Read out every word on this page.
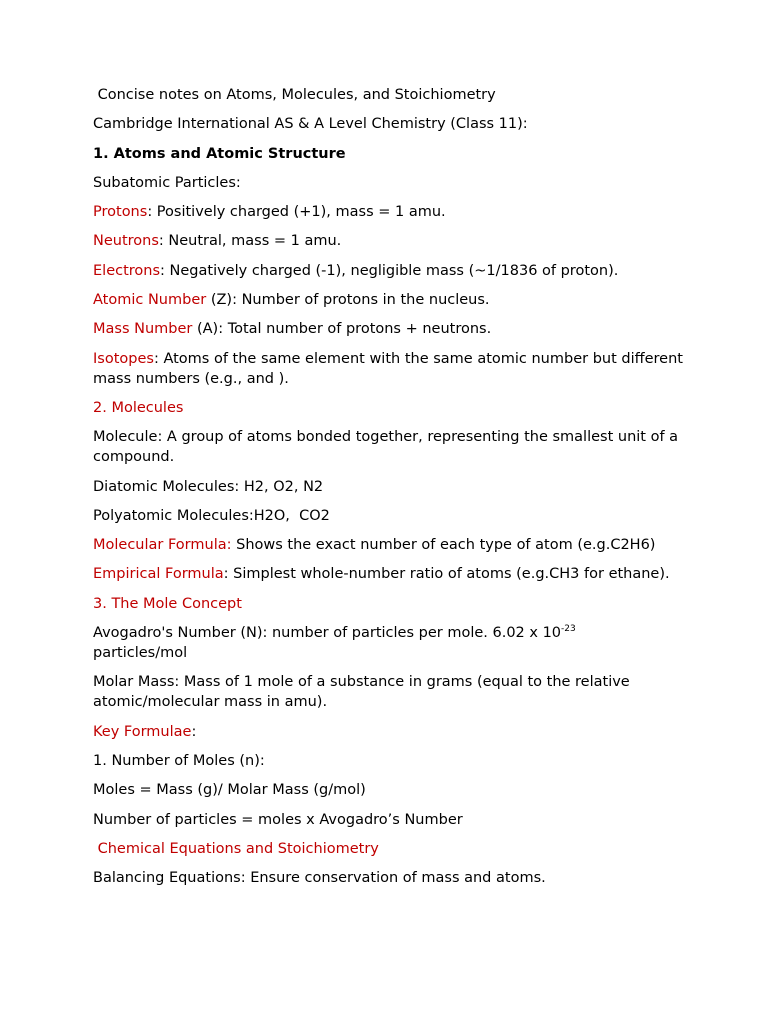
Concise notes on Atoms, Molecules, and Stoichiometry

Cambridge International AS & A Level Chemistry (Class 11):

1. Atoms and Atomic Structure

Subatomic Particles:

Protons: Positively charged (+1), mass = 1 amu.

Neutrons: Neutral, mass = 1 amu.

Electrons: Negatively charged (-1), negligible mass (~1/1836 of proton).

Atomic Number (Z): Number of protons in the nucleus.

Mass Number (A): Total number of protons + neutrons.

Isotopes: Atoms of the same element with the same atomic number but different mass numbers (e.g., and ).

2. Molecules

Molecule: A group of atoms bonded together, representing the smallest unit of a compound.

Diatomic Molecules: H2, O2, N2

Polyatomic Molecules:H2O,  CO2

Molecular Formula: Shows the exact number of each type of atom (e.g.C2H6)

Empirical Formula: Simplest whole-number ratio of atoms (e.g.CH3 for ethane).

3. The Mole Concept

Avogadro's Number (N): number of particles per mole. 6.02 x $10^{-23}$
particles/mol

Molar Mass: Mass of 1 mole of a substance in grams (equal to the relative atomic/molecular mass in amu).

Key Formulae:

1. Number of Moles (n):

Moles = Mass (g)/ Molar Mass (g/mol)

Number of particles = moles x Avogadro’s Number

Chemical Equations and Stoichiometry

Balancing Equations: Ensure conservation of mass and atoms.
